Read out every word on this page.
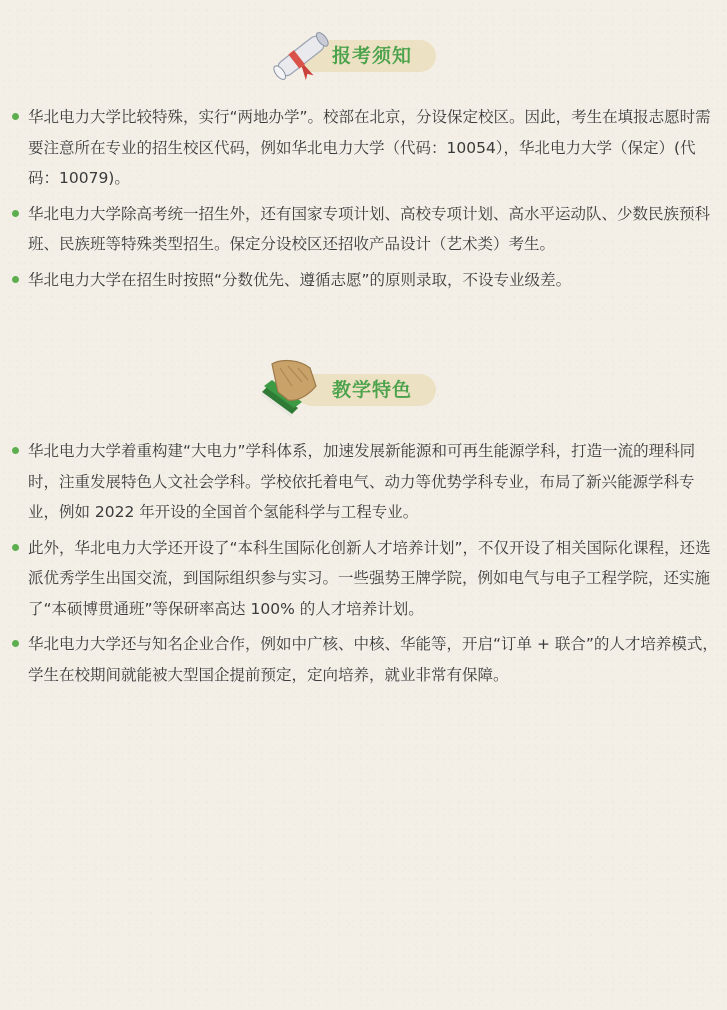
报考须知
华北电力大学比较特殊，实行“两地办学”。校部在北京，分设保定校区。因此，考生在填报志愿时需要注意所在专业的招生校区代码，例如华北电力大学（代码：10054），华北电力大学（保定）(代码：10079)。
华北电力大学除高考统一招生外，还有国家专项计划、高校专项计划、高水平运动队、少数民族预科班、民族班等特殊类型招生。保定分设校区还招收产品设计（艺术类）考生。
华北电力大学在招生时按照“分数优先、遵循志愿”的原则录取，不设专业级差。
教学特色
华北电力大学着重构建“大电力”学科体系，加速发展新能源和可再生能源学科，打造一流的理科同时，注重发展特色人文社会学科。学校依托着电气、动力等优势学科专业，布局了新兴能源学科专业，例如 2022 年开设的全国首个氢能科学与工程专业。
此外，华北电力大学还开设了“本科生国际化创新人才培养计划”，不仅开设了相关国际化课程，还选派优秀学生出国交流，到国际组织参与实习。一些强势王牌学院，例如电气与电子工程学院，还实施了“本硕博贯通班”等保研率高达 100% 的人才培养计划。
华北电力大学还与知名企业合作，例如中广核、中核、华能等，开启“订单 + 联合”的人才培养模式，学生在校期间就能被大型国企提前预定，定向培养，就业非常有保障。
